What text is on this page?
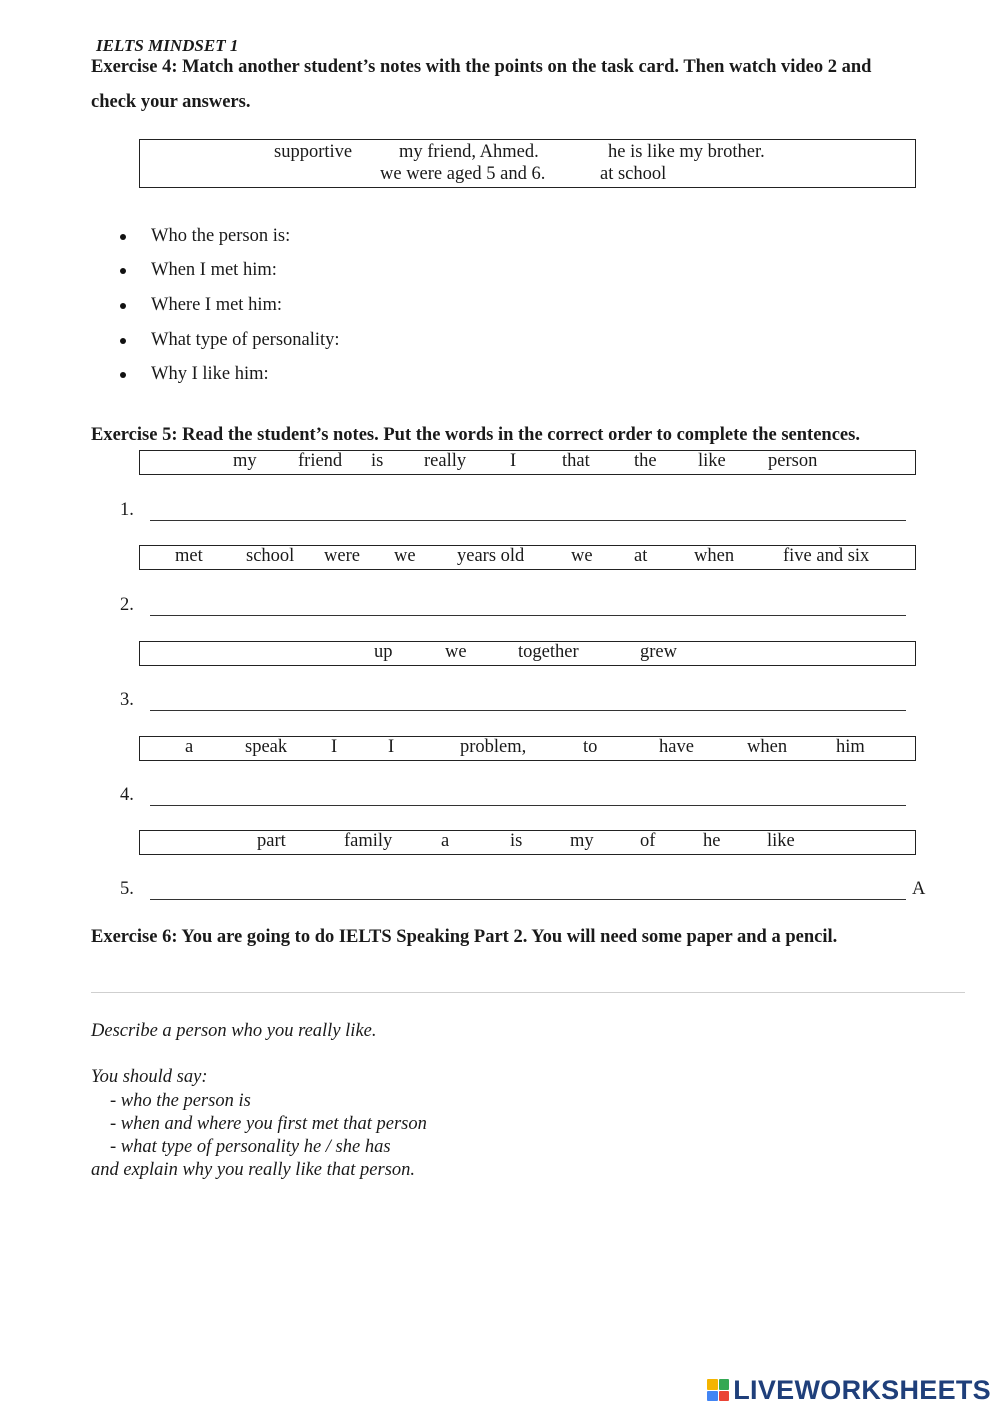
IELTS MINDSET 1
Exercise 4: Match another student’s notes with the points on the task card. Then watch video 2 and
check your answers.
supportive	my friend, Ahmed.	he is like my brother.
we were aged 5 and 6.	at school
Who the person is:
When I met him:
Where I met him:
What type of personality:
Why I like him:
Exercise 5: Read the student’s notes. Put the words in the correct order to complete the sentences.
my friend is really I that the like person
1.
met school were we years old	we at	when	five and six
2.
up	we	together	grew
3.
a	speak I	I	problem,	to	have	when	him
4.
part	family	a	is	my	of	he	like
5.	A
Exercise 6: You are going to do IELTS Speaking Part 2. You will need some paper and a pencil.
Describe a person who you really like.
You should say:
- who the person is
- when and where you first met that person
- what type of personality he / she has
and explain why you really like that person.
LIVEWORKSHEETS
